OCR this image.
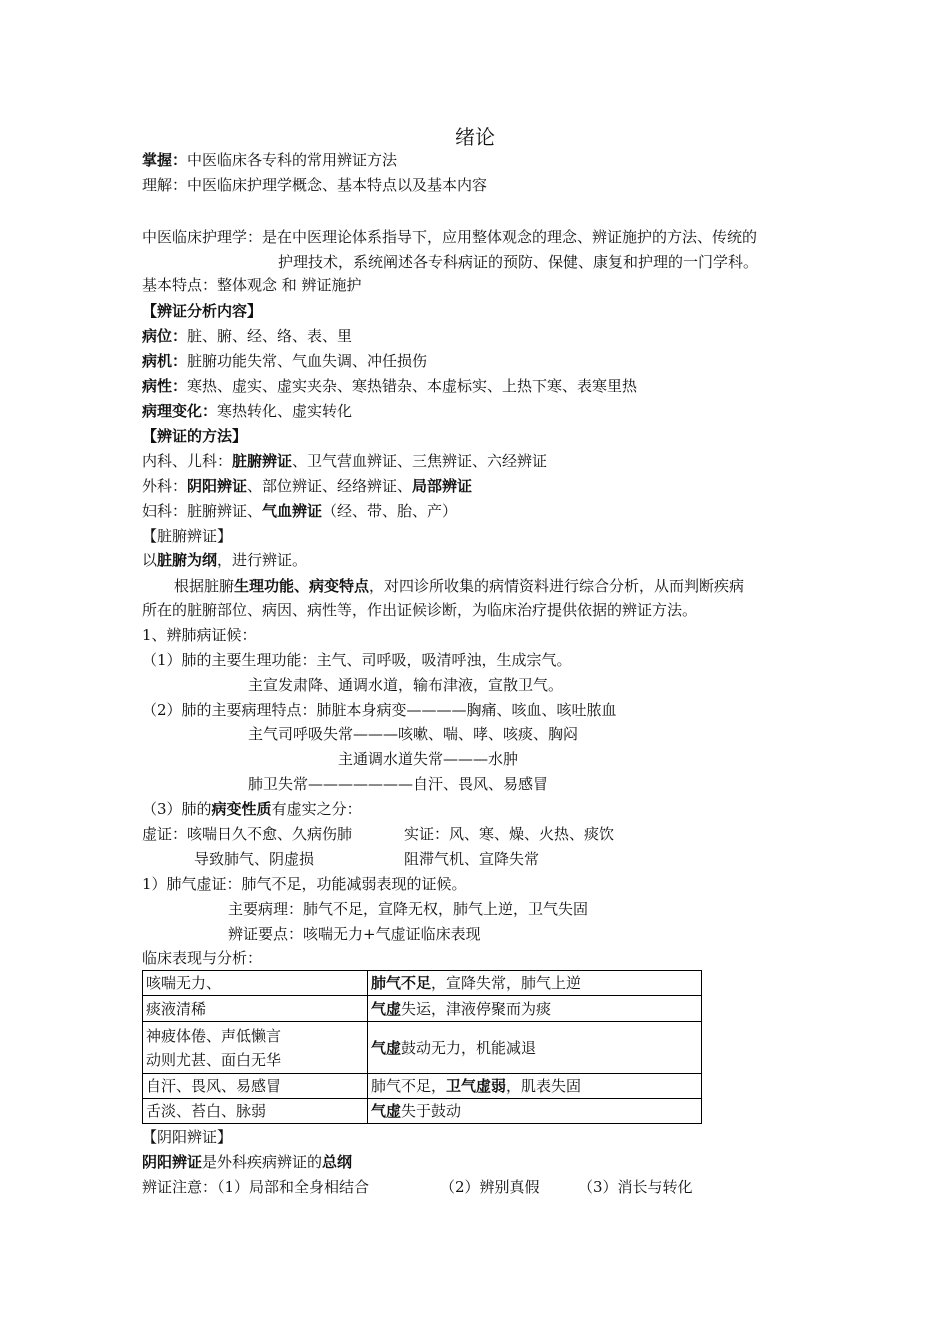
绪论
掌握：中医临床各专科的常用辨证方法
理解：中医临床护理学概念、基本特点以及基本内容
中医临床护理学：是在中医理论体系指导下，应用整体观念的理念、辨证施护的方法、传统的
护理技术，系统阐述各专科病证的预防、保健、康复和护理的一门学科。
基本特点：整体观念 和 辨证施护
【辨证分析内容】
病位：脏、腑、经、络、表、里
病机：脏腑功能失常、气血失调、冲任损伤
病性：寒热、虚实、虚实夹杂、寒热错杂、本虚标实、上热下寒、表寒里热
病理变化：寒热转化、虚实转化
【辨证的方法】
内科、儿科：脏腑辨证、卫气营血辨证、三焦辨证、六经辨证
外科：阴阳辨证、部位辨证、经络辨证、局部辨证
妇科：脏腑辨证、气血辨证（经、带、胎、产）
【脏腑辨证】
以脏腑为纲，进行辨证。
根据脏腑生理功能、病变特点，对四诊所收集的病情资料进行综合分析，从而判断疾病
所在的脏腑部位、病因、病性等，作出证候诊断，为临床治疗提供依据的辨证方法。
1、辨肺病证候：
（1）肺的主要生理功能：主气、司呼吸，吸清呼浊，生成宗气。
主宣发肃降、通调水道，输布津液，宣散卫气。
（2）肺的主要病理特点：肺脏本身病变————胸痛、咳血、咳吐脓血
主气司呼吸失常———咳嗽、喘、哮、咳痰、胸闷
主通调水道失常———水肿
肺卫失常———————自汗、畏风、易感冒
（3）肺的病变性质有虚实之分：
虚证：咳喘日久不愈、久病伤肺	实证：风、寒、燥、火热、痰饮
导致肺气、阴虚损	阻滞气机、宣降失常
1）肺气虚证：肺气不足，功能减弱表现的证候。
主要病理：肺气不足，宣降无权，肺气上逆，卫气失固
辨证要点：咳喘无力+气虚证临床表现
临床表现与分析：
咳喘无力、	肺气不足，宣降失常，肺气上逆
痰液清稀	气虚失运，津液停聚而为痰

神疲体倦、声低懒言
动则尤甚、面白无华	气虚鼓动无力，机能减退
自汗、畏风、易感冒	肺气不足，卫气虚弱，肌表失固
舌淡、苔白、脉弱	气虚失于鼓动
【阴阳辨证】
阴阳辨证是外科疾病辨证的总纲
辨证注意：（1）局部和全身相结合	（2）辨别真假	（3）消长与转化
